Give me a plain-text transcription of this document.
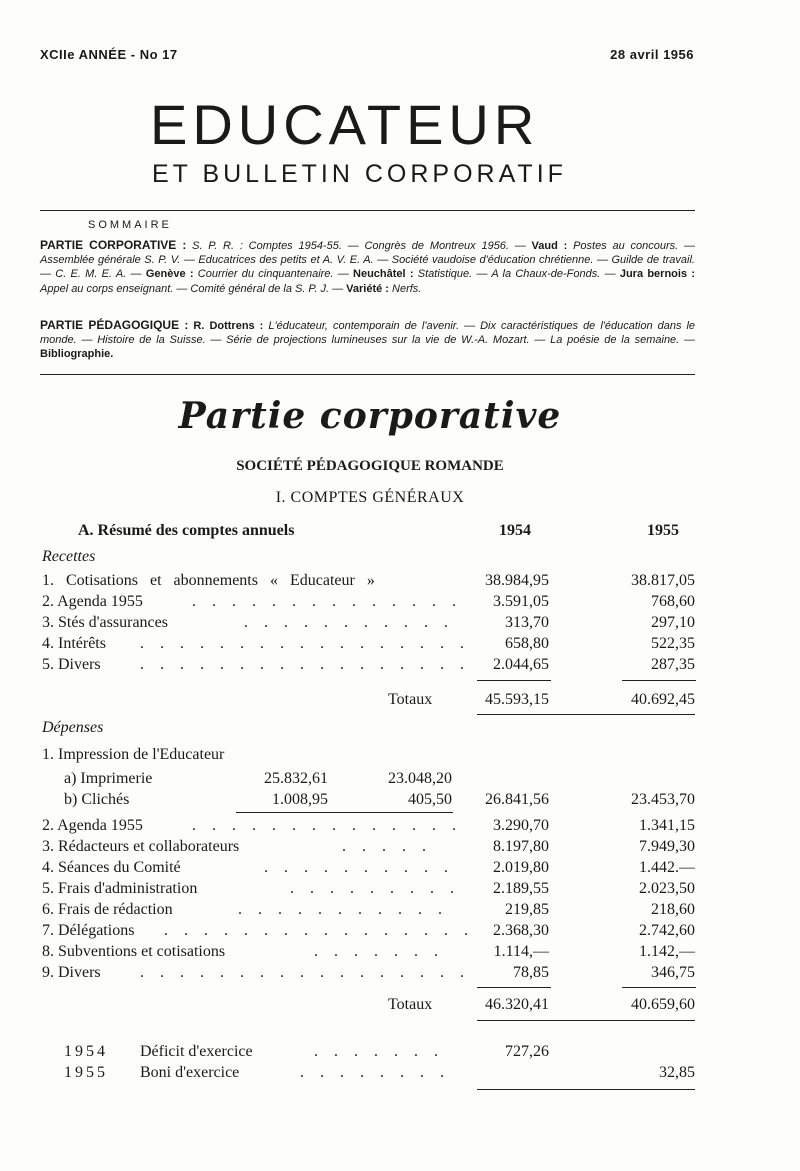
XCIIe ANNÉE - No 17	28 avril 1956
EDUCATEUR
ET BULLETIN CORPORATIF
SOMMAIRE
PARTIE CORPORATIVE : S. P. R. : Comptes 1954-55. — Congrès de Montreux 1956. — Vaud : Postes au concours. — Assemblée générale S. P. V. — Educatrices des petits et A. V. E. A. — Société vaudoise d'éducation chrétienne. — Guilde de travail. — C. E. M. E. A. — Genève : Courrier du cinquantenaire. — Neuchâtel : Statistique. — A la Chaux-de-Fonds. — Jura bernois : Appel au corps enseignant. — Comité général de la S. P. J. — Variété : Nerfs.
PARTIE PÉDAGOGIQUE : R. Dottrens : L'éducateur, contemporain de l'avenir. — Dix caractéristiques de l'éducation dans le monde. — Histoire de la Suisse. — Série de projections lumineuses sur la vie de W.-A. Mozart. — La poésie de la semaine. — Bibliographie.
Partie corporative
SOCIÉTÉ PÉDAGOGIQUE ROMANDE
I. COMPTES GÉNÉRAUX
A. Résumé des comptes annuels	1954	1955
Recettes
1. Cotisations et abonnements « Educateur »	38.984,95	38.817,05
2. Agenda 1955	. . . . . . . . . . . . . . 3.591,05	768,60
3. Stés d'assurances	. . . . . . . . . . .	313,70	297,10
4. Intérêts . . . . . . . . . . . . . . . . . 658,80	522,35
5. Divers . . . . . . . . . . . . . . . . . 2.044,65	287,35
Totaux	45.593,15	40.692,45
Dépenses
1. Impression de l'Educateur
a) Imprimerie	25.832,61	23.048,20
b) Clichés	1.008,95	405,50 26.841,56	23.453,70
2. Agenda 1955	. . . . . . . . . . . . . . 3.290,70	1.341,15
3. Rédacteurs et collaborateurs	. . . . .	8.197,80	7.949,30
4. Séances du Comité	. . . . . . . . . . 2.019,80	1.442.—
5. Frais d'administration	. . . . . . . . . 2.189,55	2.023,50
6. Frais de rédaction	. . . . . . . . . . .	219,85	218,60
7. Délégations . . . . . . . . . . . . . . . . 2.368,30	2.742,60
8. Subventions et cotisations	. . . . . . .	1.114,—	1.142,—
9. Divers . . . . . . . . . . . . . . . . .	78,85	346,75
Totaux	46.320,41	40.659,60
1954 Déficit d'exercice	. . . . . . .	727,26
1955 Boni d'exercice	. . . . . . . .	32,85
